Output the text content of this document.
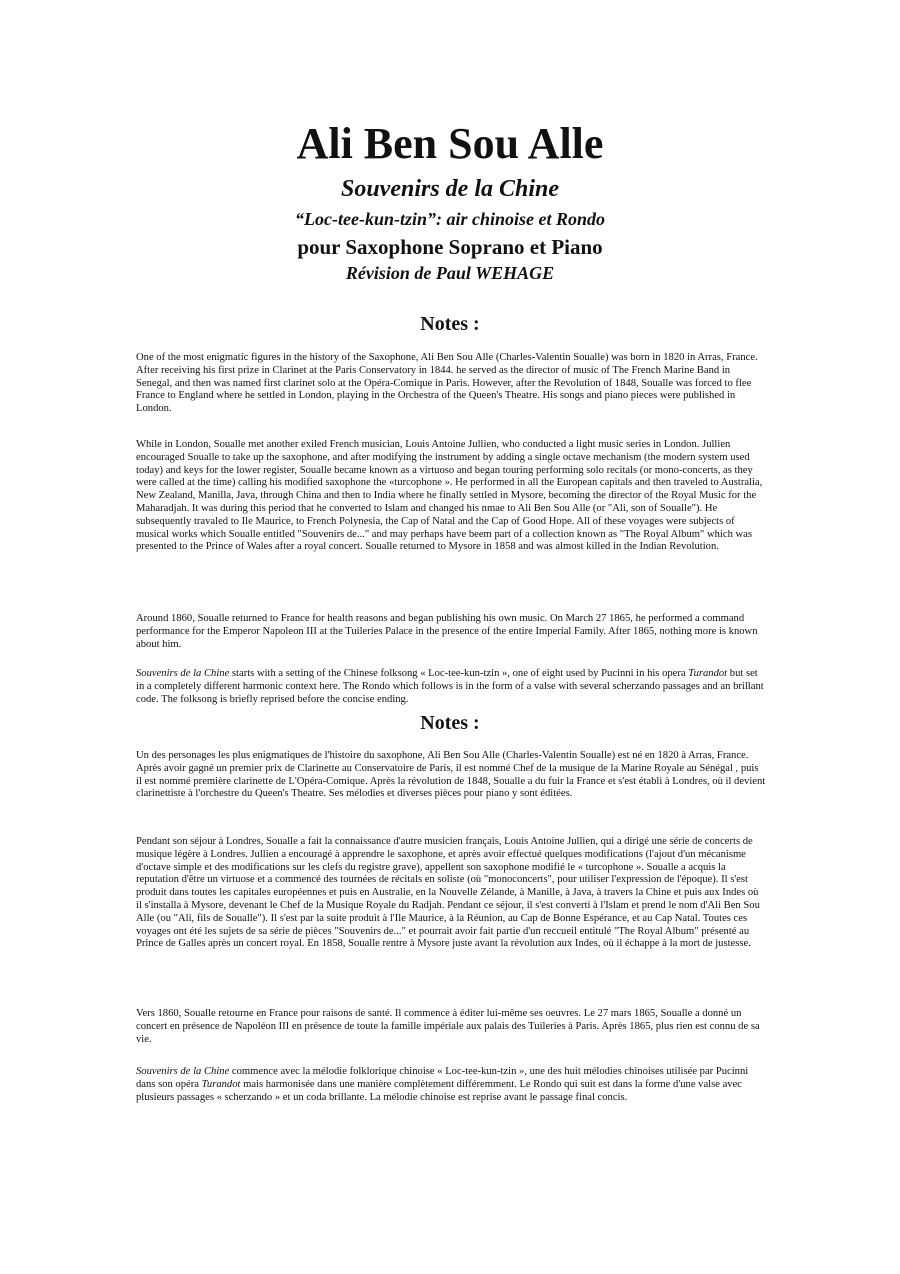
Ali Ben Sou Alle
Souvenirs de la Chine
“Loc-tee-kun-tzin”: air chinoise et Rondo
pour Saxophone Soprano et Piano
Révision de Paul WEHAGE
Notes :

One of the most enigmatic figures in the history of the Saxophone, Ali Ben Sou Alle (Charles-Valentin Soualle) was born in 1820 in Arras, France. After receiving his first prize in Clarinet at the Paris Conservatory in 1844. he served as the director of music of The French Marine Band in Senegal, and then was named first clarinet solo at the Opéra-Comique in Paris. However, after the Revolution of 1848, Soualle was forced to flee France to England where he settled in London, playing in the Orchestra of the Queen's Theatre. His songs and piano pieces were published in London.

While in London, Soualle met another exiled French musician, Louis Antoine Jullien, who conducted a light music series in London. Jullien encouraged Soualle to take up the saxophone, and after modifying the instrument by adding a single octave mechanism (the modern system used today) and keys for the lower register, Soualle became known as a virtuoso and began touring performing solo recitals (or mono-concerts, as they were called at the time) calling his modified saxophone the «turcophone ». He performed in all the European capitals and then traveled to Australia, New Zealand, Manilla, Java, through China and then to India where he finally settled in Mysore, becoming the director of the Royal Music for the Maharadjah. It was during this period that he converted to Islam and changed his nmae to Ali Ben Sou Alle (or "Ali, son of Soualle"). He subsequently travaled to Ile Maurice, to French Polynesia, the Cap of Natal and the Cap of Good Hope. All of these voyages were subjects of musical works which Soualle entitled "Souvenirs de..." and may perhaps have beem part of a collection known as "The Royal Album" which was presented to the Prince of Wales after a royal concert. Soualle returned to Mysore in 1858 and was almost killed in the Indian Revolution.

Around 1860, Soualle returned to France for health reasons and began publishing his own music. On March 27 1865, he performed a command performance for the Emperor Napoleon III at the Tuileries Palace in the presence of the entire Imperial Family. After 1865, nothing more is known about him.

Souvenirs de la Chine starts with a setting of the Chinese folksong « Loc-tee-kun-tzin », one of eight used by Pucinni in his opera Turandot but set in a completely different harmonic context here. The Rondo which follows is in the form of a valse with several scherzando passages and an brillant code. The folksong is briefly reprised before the concise ending.

Notes :

Un des personages les plus enigmatiques de l'histoire du saxophone, Ali Ben Sou Alle (Charles-Valentin Soualle) est né en 1820 à Arras, France. Après avoir gagné un premier prix de Clarinette au Conservatoire de Paris, il est nommé Chef de la musique de la Marine Royale au Sénégal , puis il est nommé première clarinette de L'Opéra-Comique. Après la révolution de 1848, Soualle a du fuir la France et s'est établi à Londres, où il devient clarinettiste à l'orchestre du Queen's Theatre. Ses mélodies et diverses pièces pour piano y sont éditées.

Pendant son séjour à Londres, Soualle a fait la connaissance d'autre musicien français, Louis Antoine Jullien, qui a dirigé une série de concerts de musique légère à Londres. Jullien a encouragé à apprendre le saxophone, et après avoir effectué quelques modifications (l'ajout d'un mécanisme d'octave simple et des modifications sur les clefs du registre grave), appellent son saxophone modifié le « turcophone ». Soualle a acquis la reputation d'être un virtuose et a commencé des tournées de récitals en soliste (où "monoconcerts", pour utiliser l'expression de l'époque). Il s'est produit dans toutes les capitales européennes et puis en Australie, en la Nouvelle Zélande, à Manille, à Java, à travers la Chine et puis aux Indes où il s'installa à Mysore, devenant le Chef de la Musique Royale du Radjah. Pendant ce séjour, il s'est converti à l'Islam et prend le nom d'Ali Ben Sou Alle (ou "Ali, fils de Soualle"). Il s'est par la suite produit à l'Ile Maurice, à la Réunion, au Cap de Bonne Espérance, et au Cap Natal. Toutes ces voyages ont été les sujets de sa série de pièces "Souvenirs de..." et pourrait avoir fait partie d'un reccueil entitulé "The Royal Album" présenté au Prince de Galles après un concert royal. En 1858, Soualle rentre à Mysore juste avant la révolution aux Indes, où il échappe à la mort de justesse.

Vers 1860, Soualle retourne en France pour raisons de santé. Il commence à éditer lui-même ses oeuvres. Le 27 mars 1865, Soualle a donné un concert en présence de Napoléon III en présence de toute la famille impériale aux palais des Tuileries à Paris. Après 1865, plus rien est connu de sa vie.

Souvenirs de la Chine commence avec la mélodie folklorique chinoise « Loc-tee-kun-tzin », une des huit mélodies chinoises utilisée par Pucinni dans son opéra Turandot mais harmonisée dans une manière complètement différemment. Le Rondo qui suit est dans la forme d'une valse avec plusieurs passages « scherzando » et un coda brillante. La mélodie chinoise est reprise avant le passage final concis.
